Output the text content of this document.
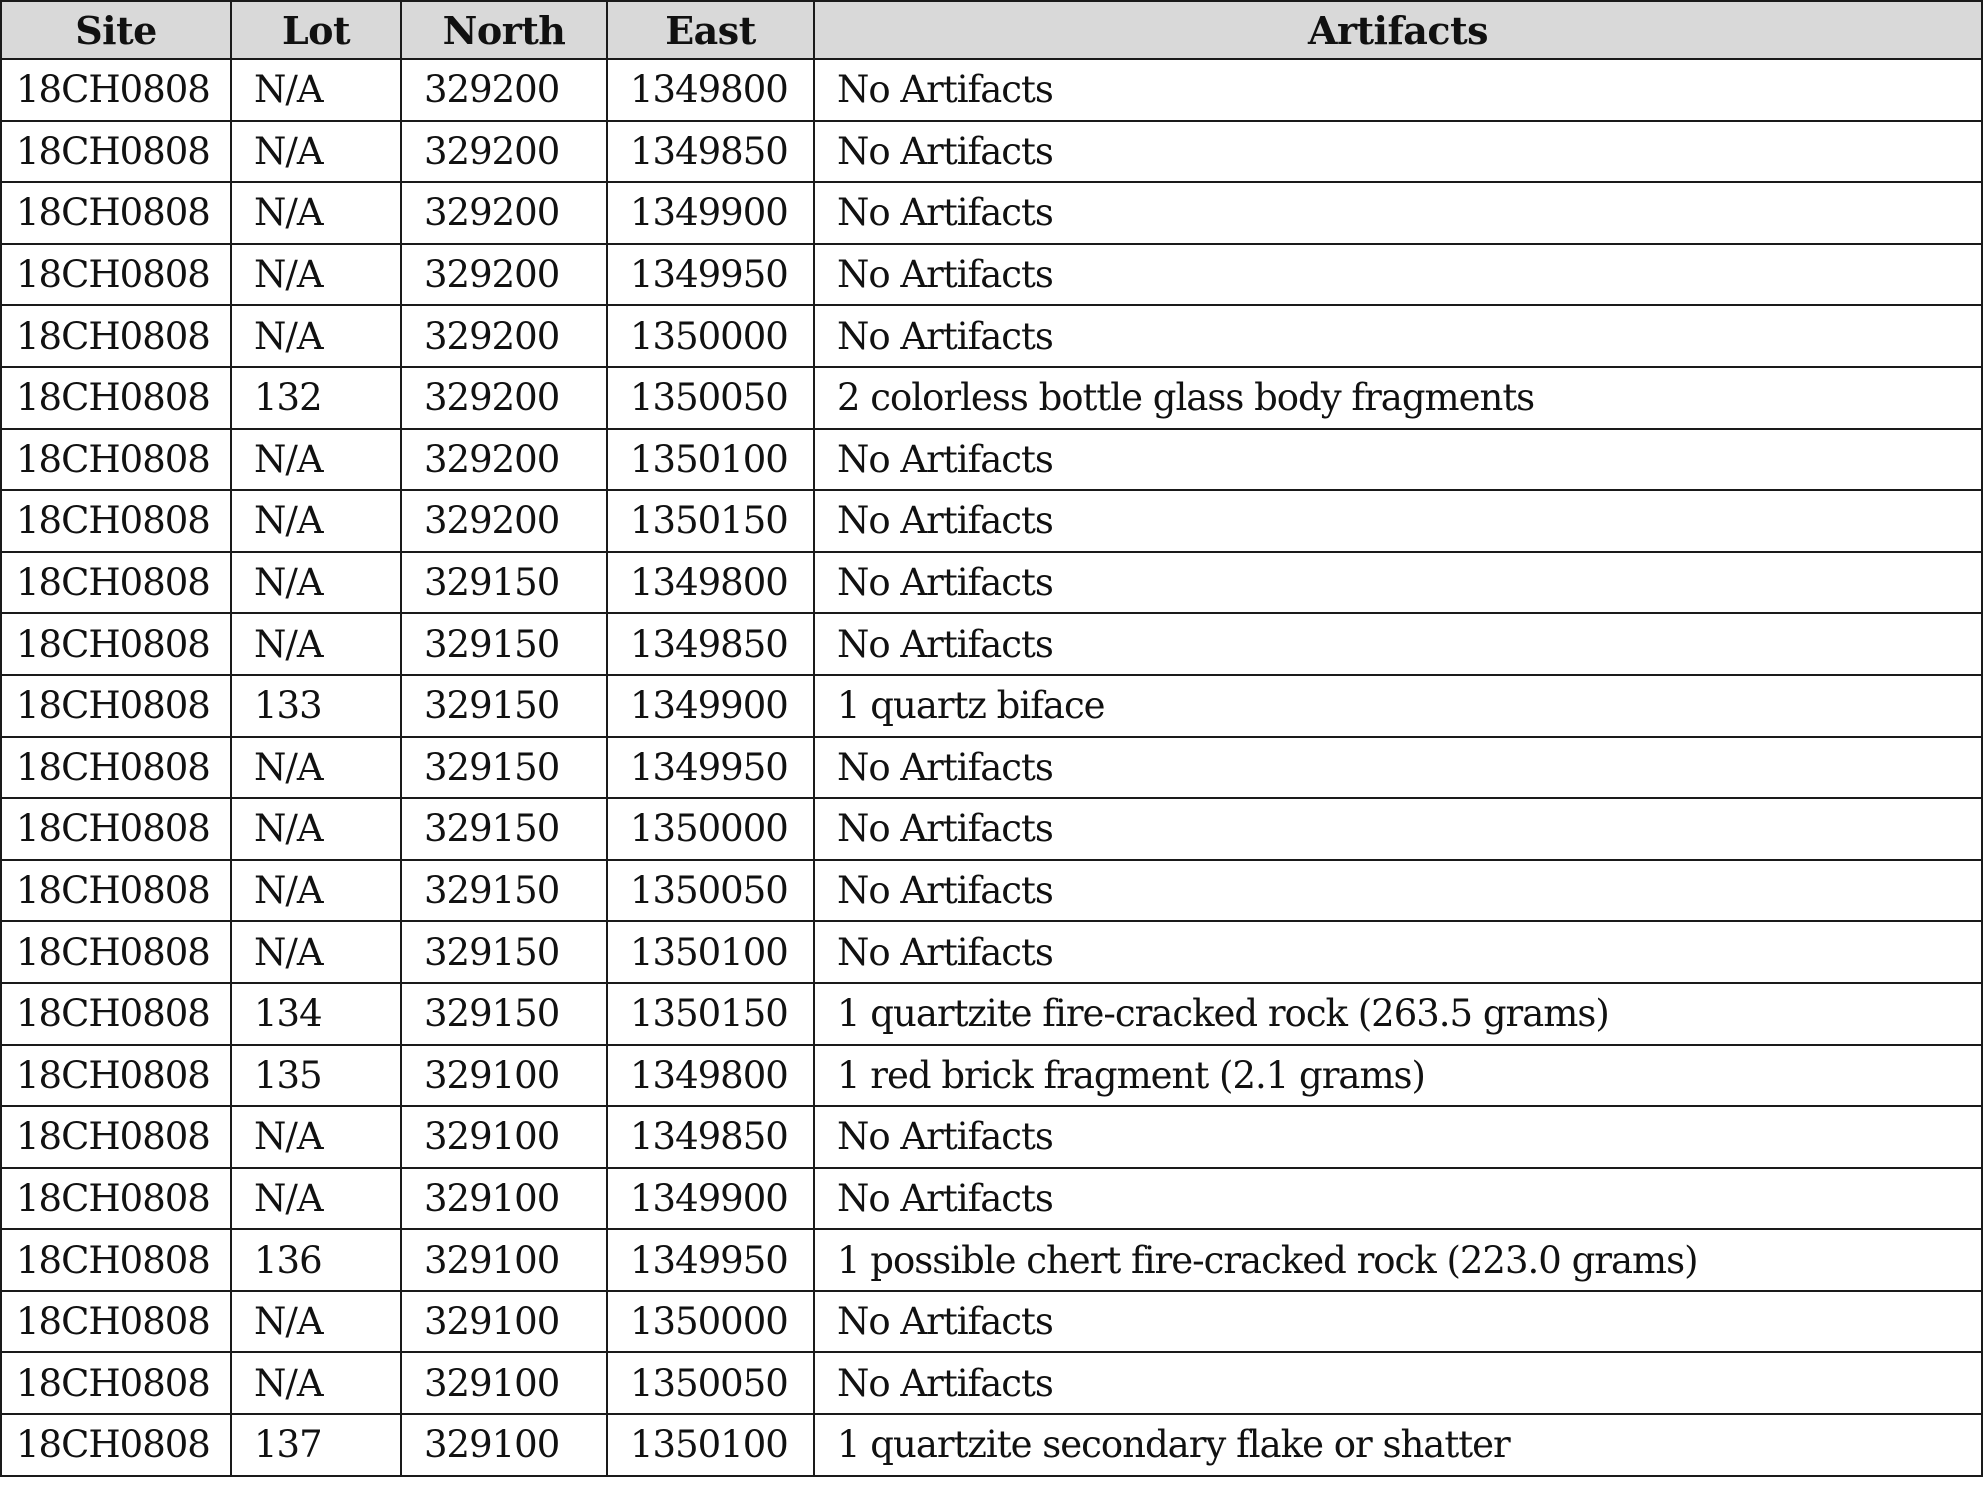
Site	Lot	North	East	Artifacts
18CH0808	N/A	329200	1349800	No Artifacts
18CH0808	N/A	329200	1349850	No Artifacts
18CH0808	N/A	329200	1349900	No Artifacts
18CH0808	N/A	329200	1349950	No Artifacts
18CH0808	N/A	329200	1350000	No Artifacts
18CH0808	132	329200	1350050	2 colorless bottle glass body fragments
18CH0808	N/A	329200	1350100	No Artifacts
18CH0808	N/A	329200	1350150	No Artifacts
18CH0808	N/A	329150	1349800	No Artifacts
18CH0808	N/A	329150	1349850	No Artifacts
18CH0808	133	329150	1349900	1 quartz biface
18CH0808	N/A	329150	1349950	No Artifacts
18CH0808	N/A	329150	1350000	No Artifacts
18CH0808	N/A	329150	1350050	No Artifacts
18CH0808	N/A	329150	1350100	No Artifacts
18CH0808	134	329150	1350150	1 quartzite fire-cracked rock (263.5 grams)
18CH0808	135	329100	1349800	1 red brick fragment (2.1 grams)
18CH0808	N/A	329100	1349850	No Artifacts
18CH0808	N/A	329100	1349900	No Artifacts
18CH0808	136	329100	1349950	1 possible chert fire-cracked rock (223.0 grams)
18CH0808	N/A	329100	1350000	No Artifacts
18CH0808	N/A	329100	1350050	No Artifacts
18CH0808	137	329100	1350100	1 quartzite secondary flake or shatter
